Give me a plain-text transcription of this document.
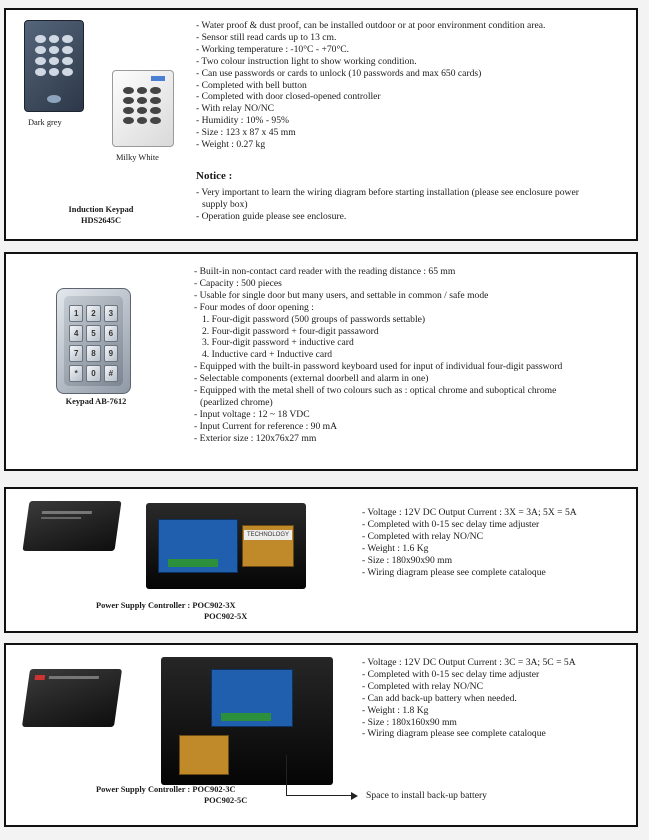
Dark grey
Milky White
Induction Keypad
HDS2645C
- Water proof & dust proof, can be installed outdoor or at poor environment condition area.
- Sensor still read cards up to 13 cm.
- Working temperature : -10°C - +70°C.
- Two colour instruction light to show working condition.
- Can use passwords or cards to unlock (10 passwords and max 650 cards)
- Completed with bell button
- Completed with door closed-opened controller
- With relay NO/NC
- Humidity : 10% - 95%
- Size : 123 x 87 x 45 mm
- Weight : 0.27 kg
Notice :
- Very important to learn the wiring diagram before starting installation (please see enclosure power
supply box)
- Operation guide please see enclosure.
1	2	3
4	5	6
7	8	9
*	0	#
Keypad AB-7612
- Built-in non-contact card reader with the reading distance : 65 mm
- Capacity : 500 pieces
- Usable for single door but many users, and settable in common / safe mode
- Four modes of door opening :
1. Four-digit password (500 groups of passwords settable)
2. Four-digit password + four-digit passaword
3. Four-digit password + inductive card
4. Inductive card + Inductive card
- Equipped with the built-in password keyboard used for input of individual four-digit password
- Selectable components (external doorbell and alarm in one)
- Equipped with the metal shell of two colours such as : optical chrome and suboptical chrome
(pearlized chrome)
- Input voltage : 12 ~ 18 VDC
- Input Current for reference : 90 mA
- Exterior size : 120x76x27 mm
TECHNOLOGY
Power Supply Controller : POC902-3X
POC902-5X
- Voltage : 12V DC Output Current : 3X = 3A; 5X = 5A
- Completed with 0-15 sec delay time adjuster
- Completed with relay NO/NC
- Weight : 1.6 Kg
- Size : 180x90x90 mm
- Wiring diagram please see complete cataloque
Space to install back-up battery
Power Supply Controller : POC902-3C
POC902-5C
- Voltage : 12V DC Output Current : 3C = 3A; 5C = 5A
- Completed with 0-15 sec delay time adjuster
- Completed with relay NO/NC
- Can add back-up battery when needed.
- Weight : 1.8 Kg
- Size : 180x160x90 mm
- Wiring diagram please see complete cataloque
